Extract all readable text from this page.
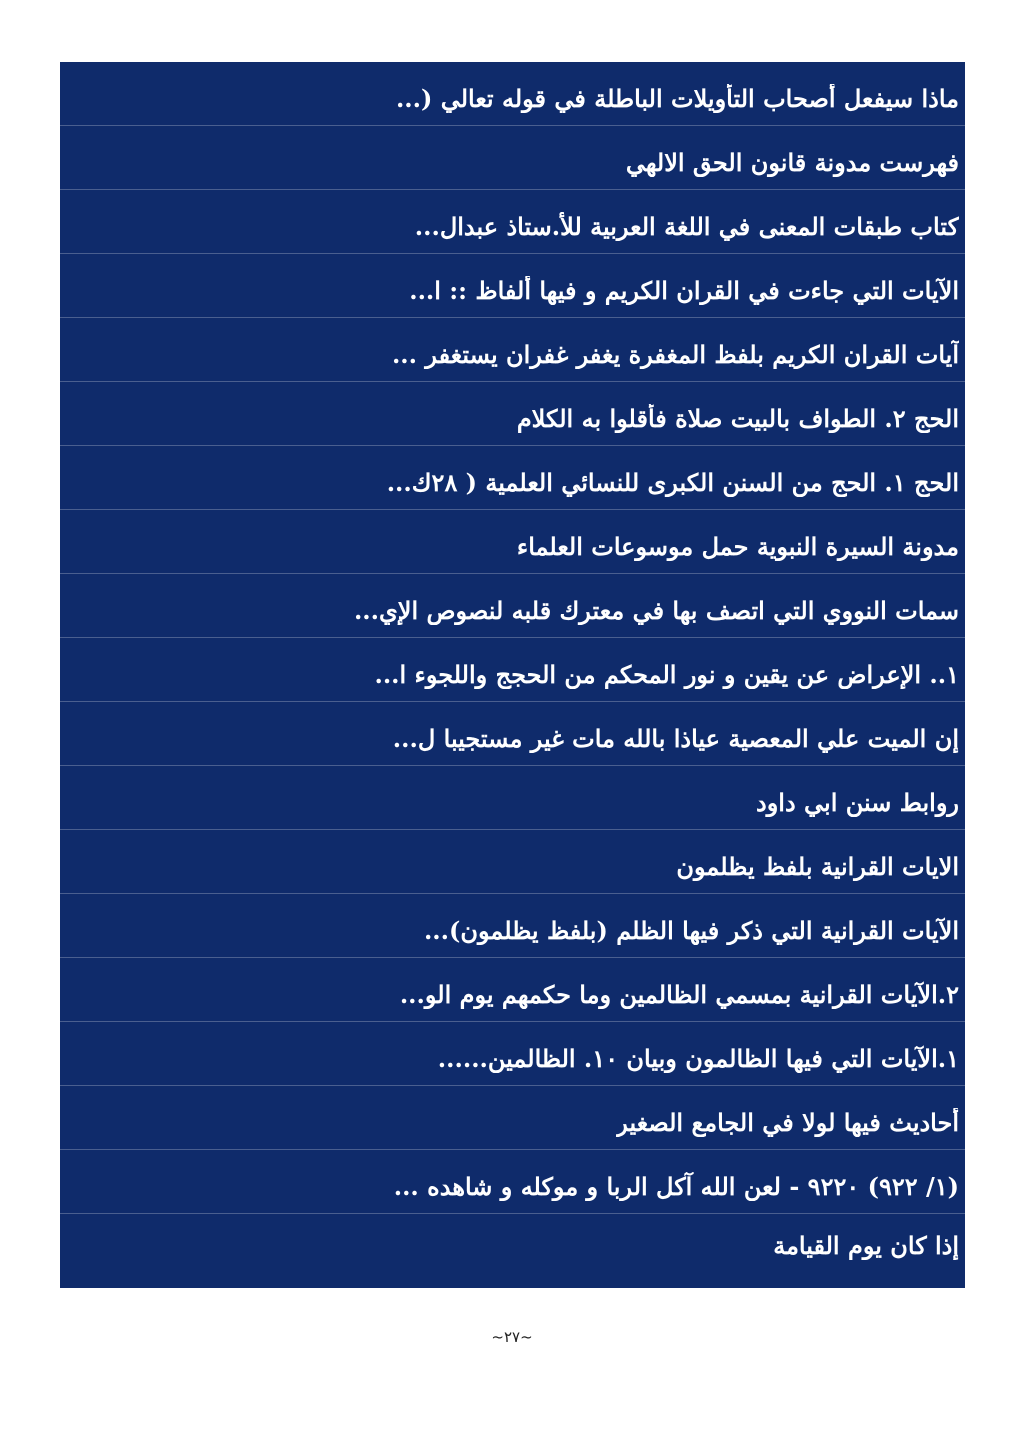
ماذا سيفعل أصحاب التأويلات الباطلة في قوله تعالي (...
فهرست مدونة قانون الحق الالهي
كتاب طبقات المعنى في اللغة العربية للأ.ستاذ عبدال...
الآيات التي جاءت في القران الكريم و فيها ألفاظ :: ا...
آيات القران الكريم بلفظ المغفرة يغفر غفران يستغفر ...
الحج ٢. الطواف بالبيت صلاة فأقلوا به الكلام
الحج ١. الحج من السنن الكبرى للنسائي العلمية ( ٢٨ك...
مدونة السيرة النبوية حمل موسوعات العلماء
سمات النووي التي اتصف بها في معترك قلبه لنصوص الإي...
١.. الإعراض عن يقين و نور المحكم من الحجج واللجوء ا...
إن الميت علي المعصية عياذا بالله مات غير مستجيبا ل...
روابط سنن ابي داود
الايات القرانية بلفظ يظلمون
الآيات القرانية التي ذكر فيها الظلم (بلفظ يظلمون)...
٢.الآيات القرانية بمسمي الظالمين وما حكمهم يوم الو...
١.الآيات التي فيها الظالمون وبيان ١٠. الظالمين......
أحاديث فيها لولا في الجامع الصغير
(١/ ٩٢٢) ٩٢٢٠ - لعن الله آكل الربا و موكله و شاهده ...
إذا كان يوم القيامة
~٢٧~
